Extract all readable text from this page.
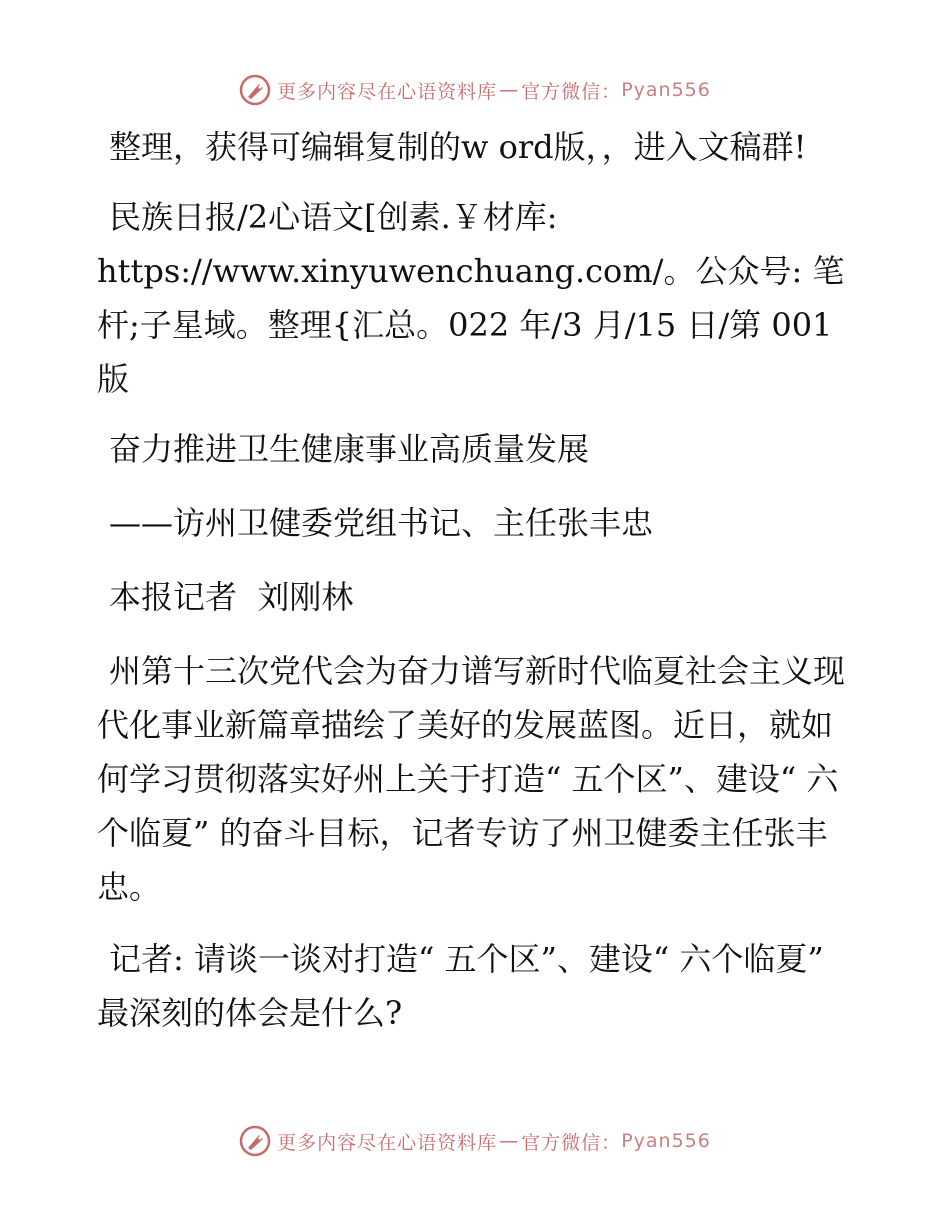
更多内容尽在心语资料库 — 官方微信： Pyan556

整理，获得可编辑复制的w ord版，，进入文稿群!

民族日报/2心语文[创素.￥材库: https://www.xinyuwenchuang.com/。公众号: 笔杆;子星域。整理{汇总。022 年/3 月/15 日/第 001 版

奋力推进卫生健康事业高质量发展

——访州卫健委党组书记、主任张丰忠

本报记者  刘刚林

州第十三次党代会为奋力谱写新时代临夏社会主义现代化事业新篇章描绘了美好的发展蓝图。近日，就如何学习贯彻落实好州上关于打造“ 五个区”、建设“ 六个临夏” 的奋斗目标，记者专访了州卫健委主任张丰忠。

记者: 请谈一谈对打造“ 五个区”、建设“ 六个临夏” 最深刻的体会是什么?

更多内容尽在心语资料库 — 官方微信： Pyan556
